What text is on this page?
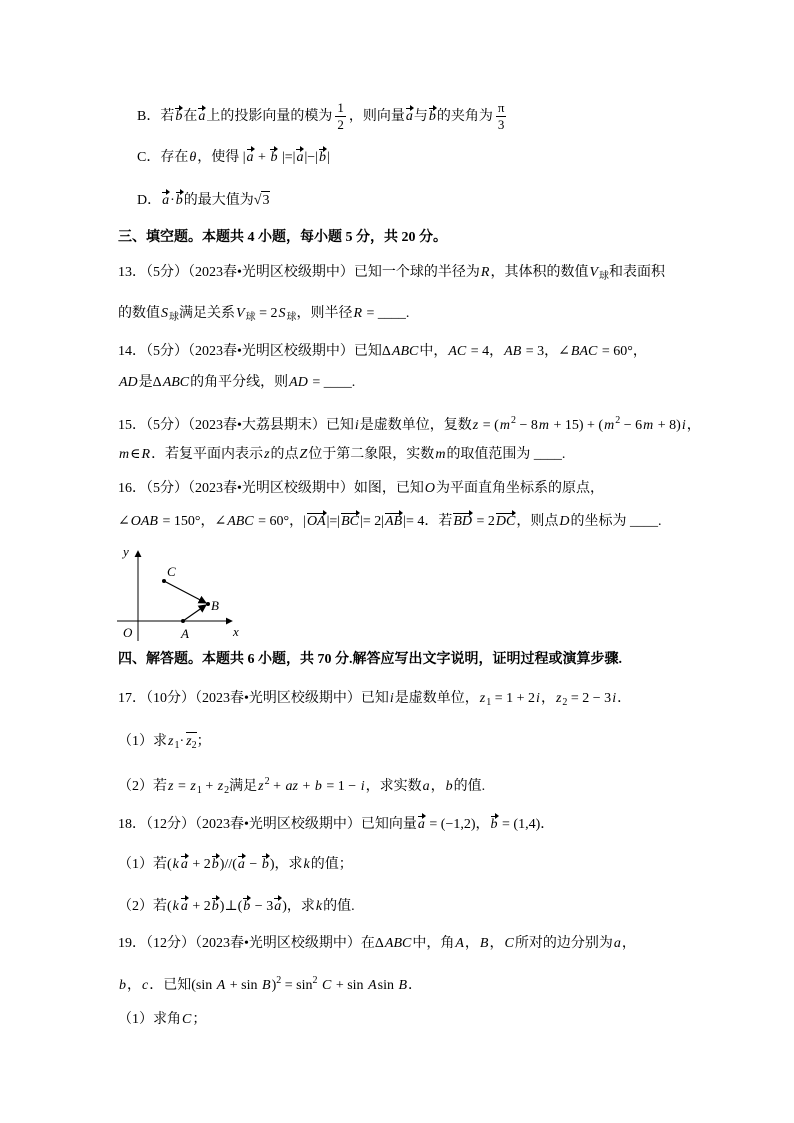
B．若b在a上的投影向量的模为 $\frac{1}{2}$ ，则向量a与b的夹角为 $\frac{\pi}{3}$
C．存在θ，使得 |a + b |=|a|−|b|
D．a·b的最大值为√3
三、填空题。本题共 4 小题，每小题 5 分，共 20 分。
13．（5分）（2023春•光明区校级期中）已知一个球的半径为R，其体积的数值$V_球$和表面积
的数值$S_球$满足关系$V_球 = 2S_球$，则半径R = ____.
14．（5分）（2023春•光明区校级期中）已知ΔABC中，AC = 4，AB = 3，∠BAC = 60°，
AD是ΔABC的角平分线，则AD = ____.
15．（5分）（2023春•大荔县期末）已知i是虚数单位，复数$z = (m^2 - 8m + 15) + (m^2 - 6m + 8)i$，
m∈R．若复平面内表示z的点Z位于第二象限，实数m的取值范围为 ____.
16．（5分）（2023春•光明区校级期中）如图，已知O为平面直角坐标系的原点，
∠OAB = 150°，∠ABC = 60°，|OA|=|BC|= 2|AB|= 4．若BD = 2DC，则点D的坐标为 ____.
y
x
O	A
B
C
四、解答题。本题共 6 小题，共 70 分.解答应写出文字说明，证明过程或演算步骤.
17．（10分）（2023春•光明区校级期中）已知i是虚数单位，$z_1 = 1 + 2i$，$z_2 = 2 - 3i$．
（1）求$z_1\cdot z_2$；
（2）若$z = z_1 + z_2$满足$z^2$ + az + b = 1 − i，求实数a，b的值.
18．（12分）（2023春•光明区校级期中）已知向量a = (−1,2)，b = (1,4)．
（1）若(k a + 2b)//(a − b)，求k的值；
（2）若(k a + 2b)⊥(b − 3a)，求k的值.
19．（12分）（2023春•光明区校级期中）在ΔABC中，角A，B，C所对的边分别为a，
b，c．已知(sin $A + \sin B)^2 = \sin^2 C + \sin Asin$ B．
（1）求角C；
